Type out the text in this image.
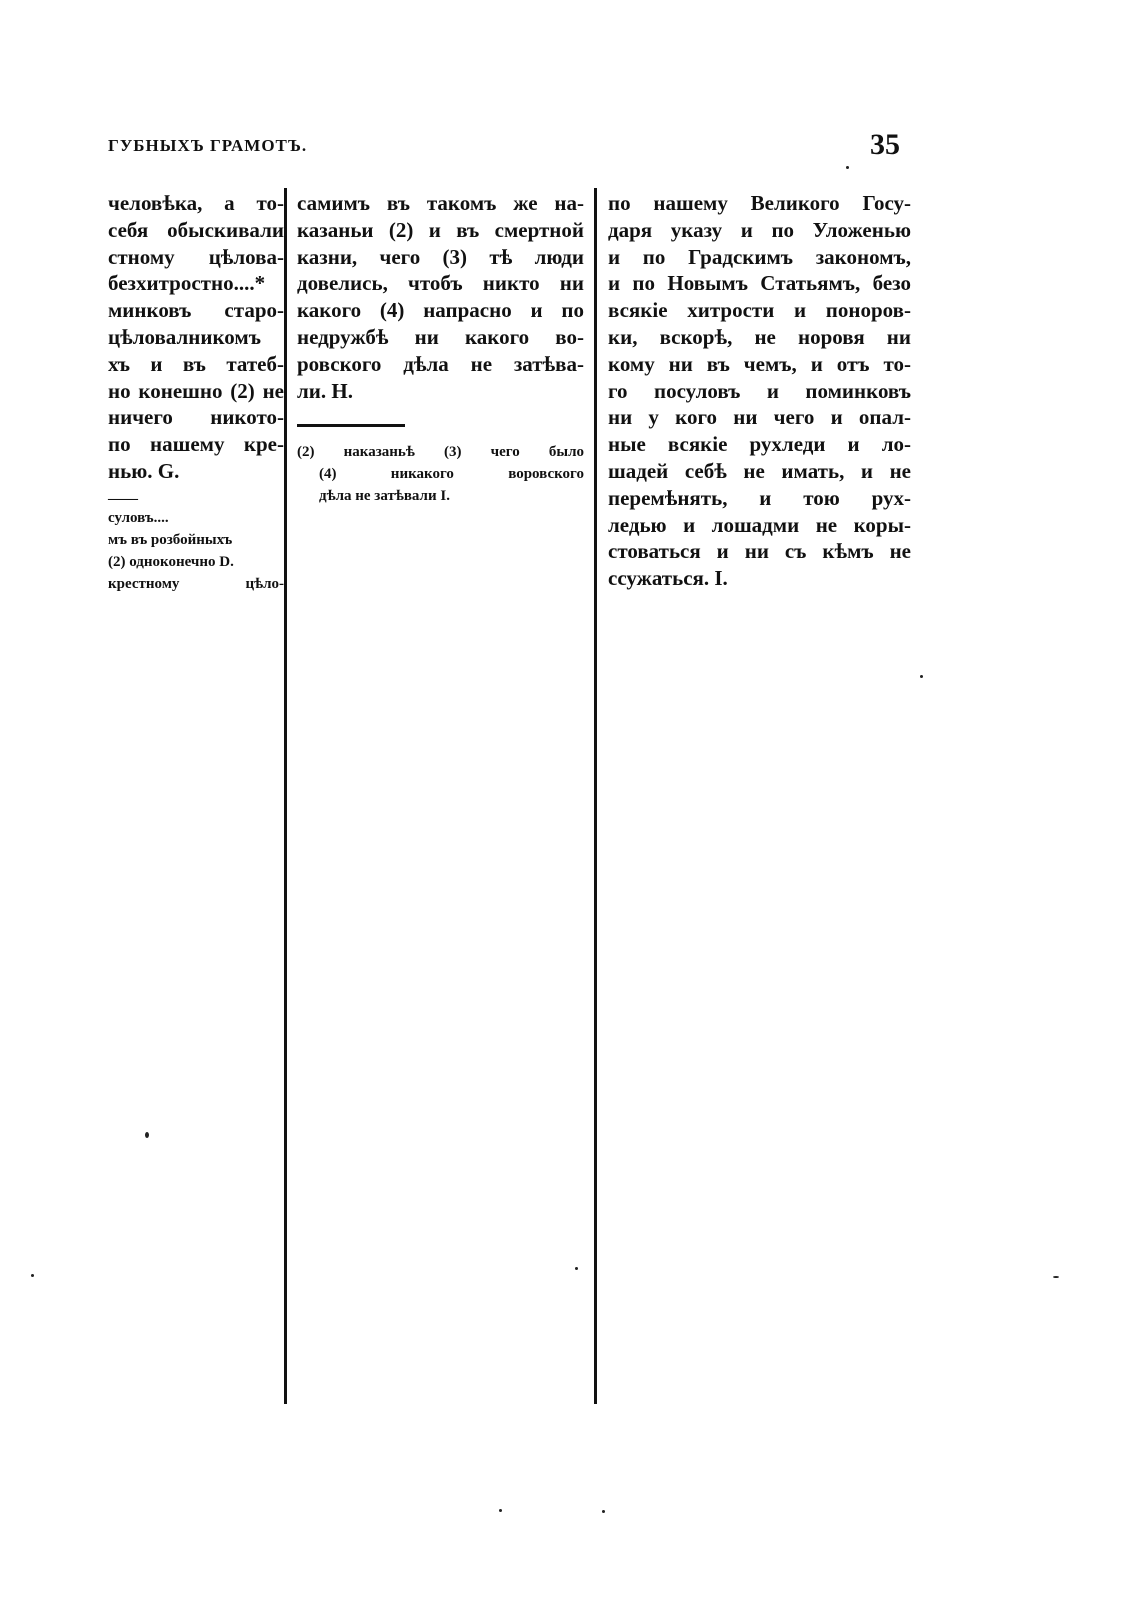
ГУБНЫХЪ ГРАМОТЪ.	35
человѣка, а то-
себя обыскивали
стному цѣлова-
безхитростно....*
минковъ старо-
цѣловалникомъ
хъ и въ татеб-
но конешно (2) не
ничего никото-
по нашему кре-
нью. G.
——
суловъ....
мъ въ розбойныхъ
(2) одноконечно D.
крестному цѣло-
самимъ въ такомъ же на-
казаньи (2) и въ смертной
казни, чего (3) тѣ люди
довелись, чтобъ никто ни
какого (4) напрасно и по
недружбѣ ни какого во-
ровского дѣла не затѣва-
ли. H.
(2) наказаньѣ (3) чего было
(4) никакого воровского
дѣла не затѣвали I.
по нашему Великого Госу-
даря указу и по Уложенью
и по Градскимъ закономъ,
и по Новымъ Статьямъ, безо
всякіе хитрости и поноров-
ки, вскорѣ, не норовя ни
кому ни въ чемъ, и отъ то-
го посуловъ и поминковъ
ни у кого ни чего и опал-
ные всякіе рухледи и ло-
шадей себѣ не имать, и не
перемѣнять, и тою рух-
ледью и лошадми не коры-
стоваться и ни съ кѣмъ не
ссужаться. I.
